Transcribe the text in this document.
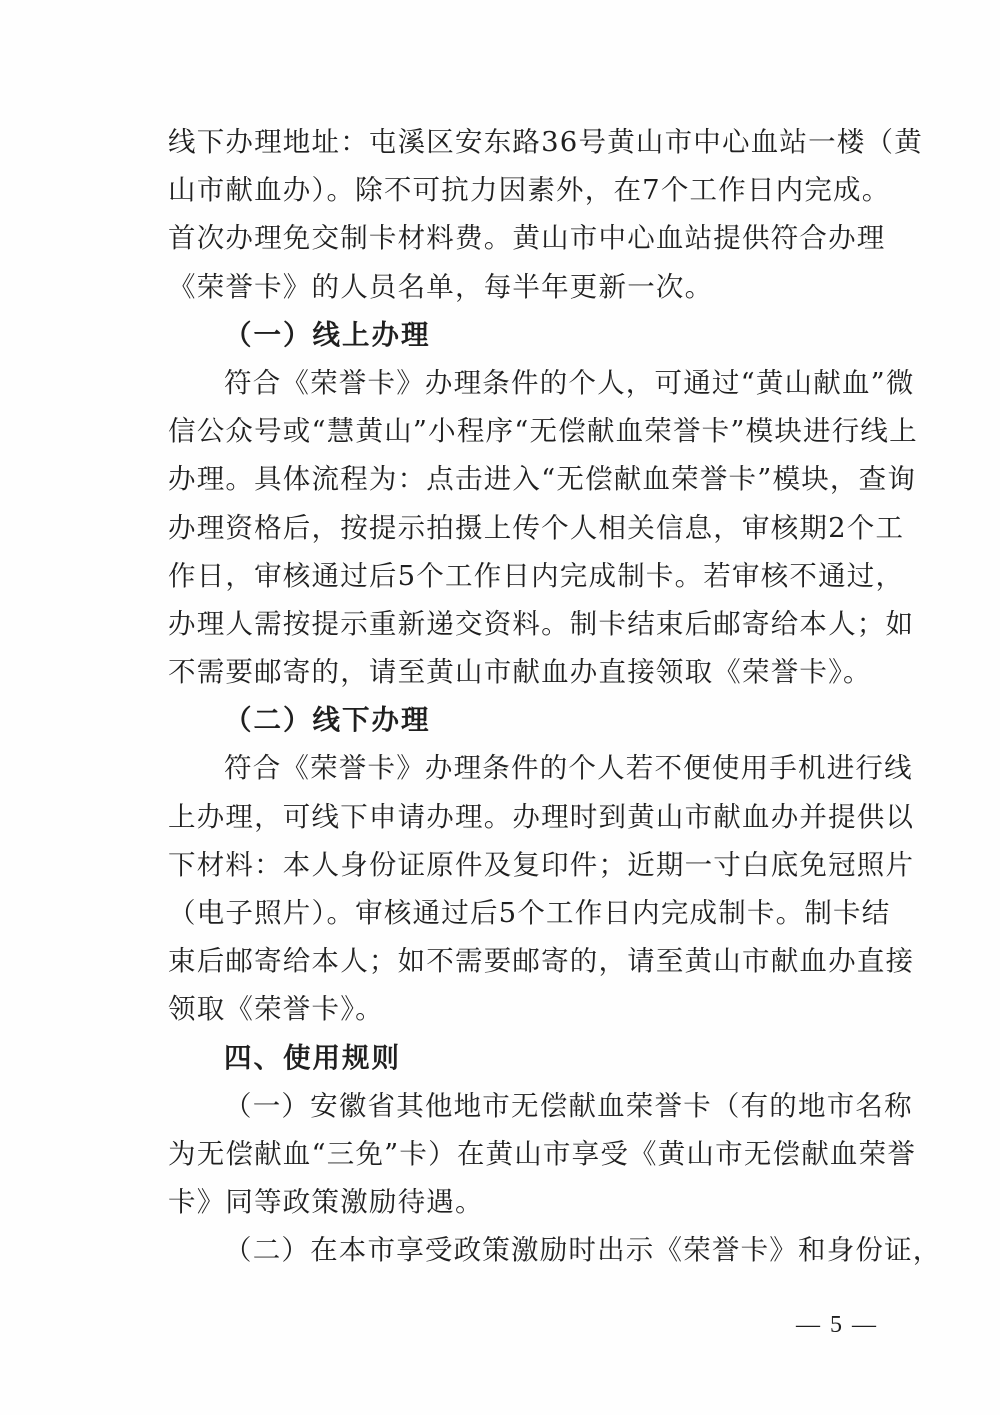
线下办理地址：屯溪区安东路36号黄山市中心血站一楼（黄
山市献血办）。除不可抗力因素外，在7个工作日内完成。
首次办理免交制卡材料费。黄山市中心血站提供符合办理
《荣誉卡》的人员名单，每半年更新一次。
（一）线上办理
符合《荣誉卡》办理条件的个人，可通过“黄山献血”微
信公众号或“慧黄山”小程序“无偿献血荣誉卡”模块进行线上
办理。具体流程为：点击进入“无偿献血荣誉卡”模块，查询
办理资格后，按提示拍摄上传个人相关信息，审核期2个工
作日，审核通过后5个工作日内完成制卡。若审核不通过，
办理人需按提示重新递交资料。制卡结束后邮寄给本人；如
不需要邮寄的，请至黄山市献血办直接领取《荣誉卡》。
（二）线下办理
符合《荣誉卡》办理条件的个人若不便使用手机进行线
上办理，可线下申请办理。办理时到黄山市献血办并提供以
下材料：本人身份证原件及复印件；近期一寸白底免冠照片
（电子照片）。审核通过后5个工作日内完成制卡。制卡结
束后邮寄给本人；如不需要邮寄的，请至黄山市献血办直接
领取《荣誉卡》。
四、使用规则
（一）安徽省其他地市无偿献血荣誉卡（有的地市名称
为无偿献血“三免”卡）在黄山市享受《黄山市无偿献血荣誉
卡》同等政策激励待遇。
（二）在本市享受政策激励时出示《荣誉卡》和身份证，
— 5 —
